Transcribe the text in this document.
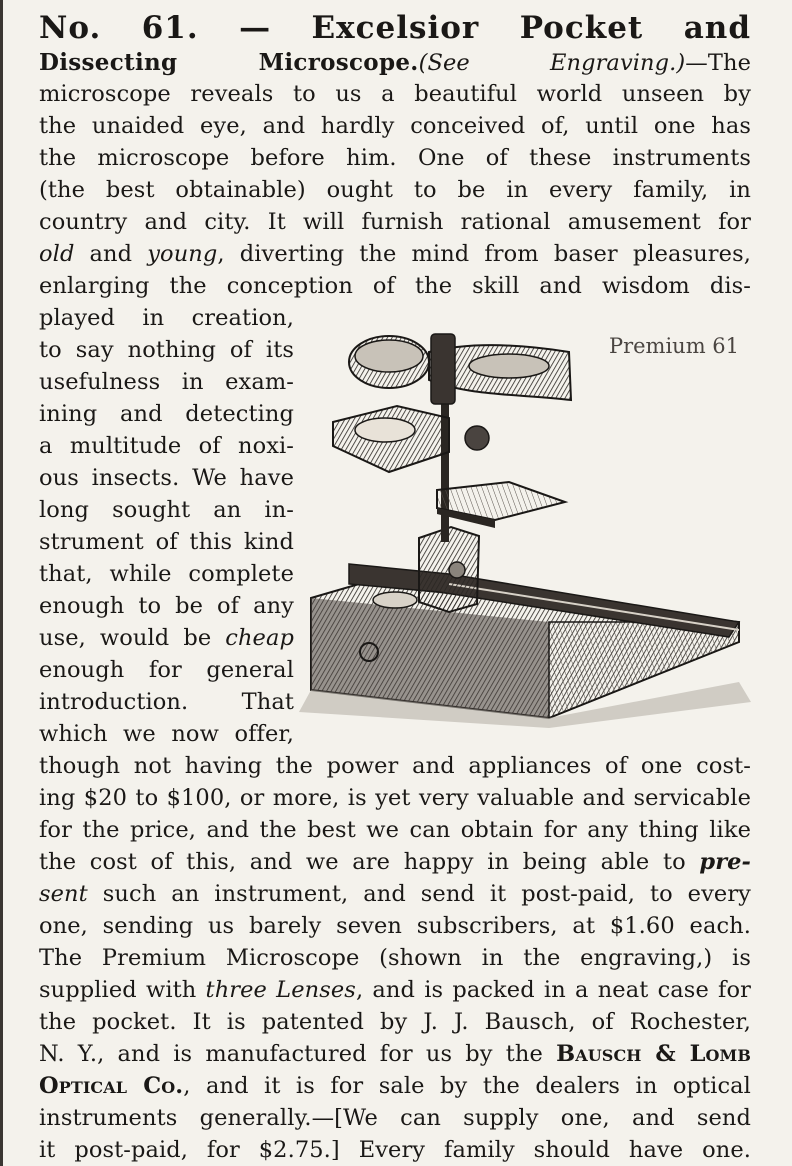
No. 61. — Excelsior Pocket and
Dissecting Microscope.(See Engraving.)—The
microscope reveals to us a beautiful world unseen by
the unaided eye, and hardly conceived of, until one has
the microscope before him. One of these instruments
(the best obtainable) ought to be in every family, in
country and city. It will furnish rational amusement for
old and young, diverting the mind from baser pleasures,
enlarging the conception of the skill and wisdom dis-
played in creation,
to say nothing of its
usefulness in exam-
ining and detecting
a multitude of noxi-
ous insects. We have
long sought an in-
strument of this kind
that, while complete
enough to be of any
use, would be cheap
enough for general
introduction. That
which we now offer,
though not having the power and appliances of one cost-
ing $20 to $100, or more, is yet very valuable and servicable
for the price, and the best we can obtain for any thing like
the cost of this, and we are happy in being able to pre-
sent such an instrument, and send it post-paid, to every
one, sending us barely seven subscribers, at $1.60 each.
The Premium Microscope (shown in the engraving,) is
supplied with three Lenses, and is packed in a neat case for
the pocket. It is patented by J. J. Bausch, of Rochester,
N. Y., and is manufactured for us by the Bausch & Lomb
Optical Co., and it is for sale by the dealers in optical
instruments generally.—[We can supply one, and send
it post-paid, for $2.75.] Every family should have one.
Premium 61
